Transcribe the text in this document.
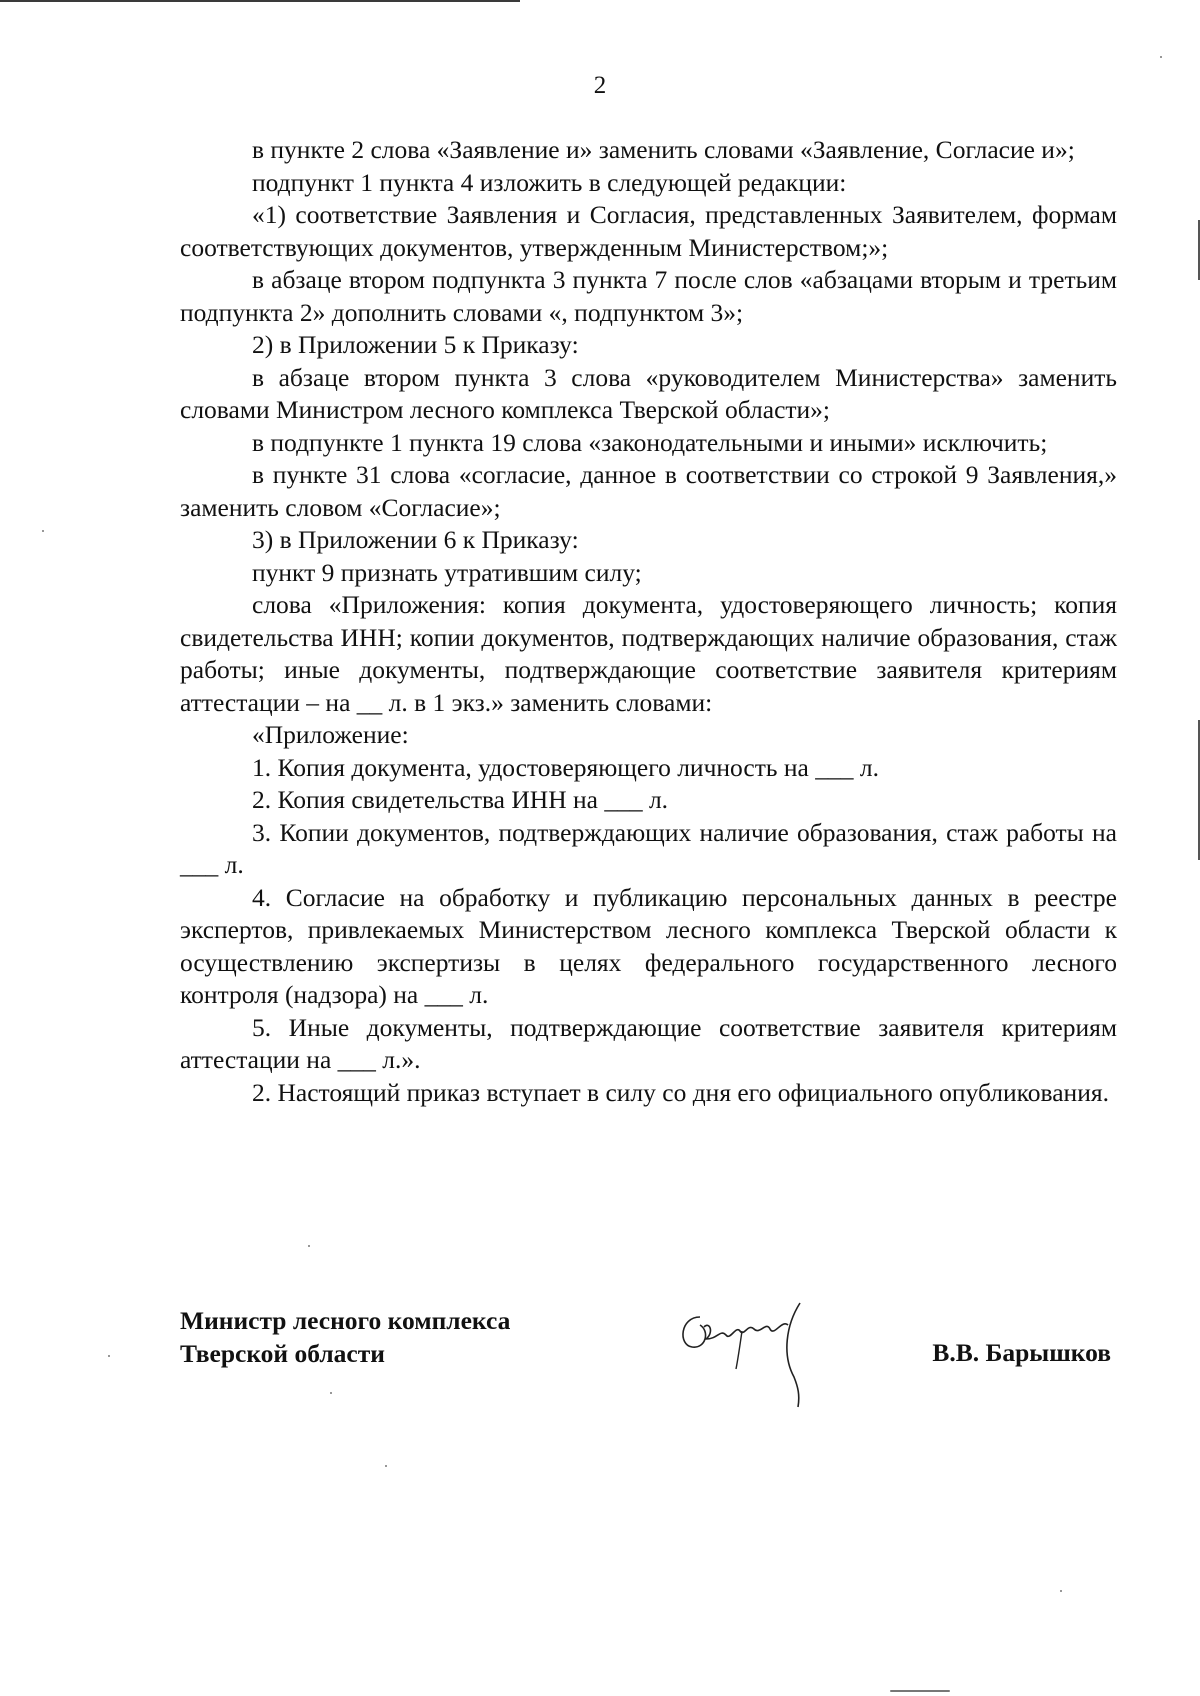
2

в пункте 2 слова «Заявление и» заменить словами «Заявление, Согласие и»;

подпункт 1 пункта 4 изложить в следующей редакции:

«1) соответствие Заявления и Согласия, представленных Заявителем, формам соответствующих документов, утвержденным Министерством;»;

в абзаце втором подпункта 3 пункта 7 после слов «абзацами вторым и третьим подпункта 2» дополнить словами «, подпунктом 3»;

2) в Приложении 5 к Приказу:

в абзаце втором пункта 3 слова «руководителем Министерства» заменить словами Министром лесного комплекса Тверской области»;

в подпункте 1 пункта 19 слова «законодательными и иными» исключить;

в пункте 31 слова «согласие, данное в соответствии со строкой 9 Заявления,» заменить словом «Согласие»;

3) в Приложении 6 к Приказу:

пункт 9 признать утратившим силу;

слова «Приложения: копия документа, удостоверяющего личность; копия свидетельства ИНН; копии документов, подтверждающих наличие образования, стаж работы; иные документы, подтверждающие соответствие заявителя критериям аттестации – на __ л. в 1 экз.» заменить словами:

«Приложение:

1. Копия документа, удостоверяющего личность на ___ л.

2. Копия свидетельства ИНН на ___ л.

3. Копии документов, подтверждающих наличие образования, стаж работы на ___ л.

4. Согласие на обработку и публикацию персональных данных в реестре экспертов, привлекаемых Министерством лесного комплекса Тверской области к осуществлению экспертизы в целях федерального государственного лесного контроля (надзора) на ___ л.

5. Иные документы, подтверждающие соответствие заявителя критериям аттестации на ___ л.».

2. Настоящий приказ вступает в силу со дня его официального опубликования.

Министр лесного комплекса
Тверской области	В.В. Барышков
